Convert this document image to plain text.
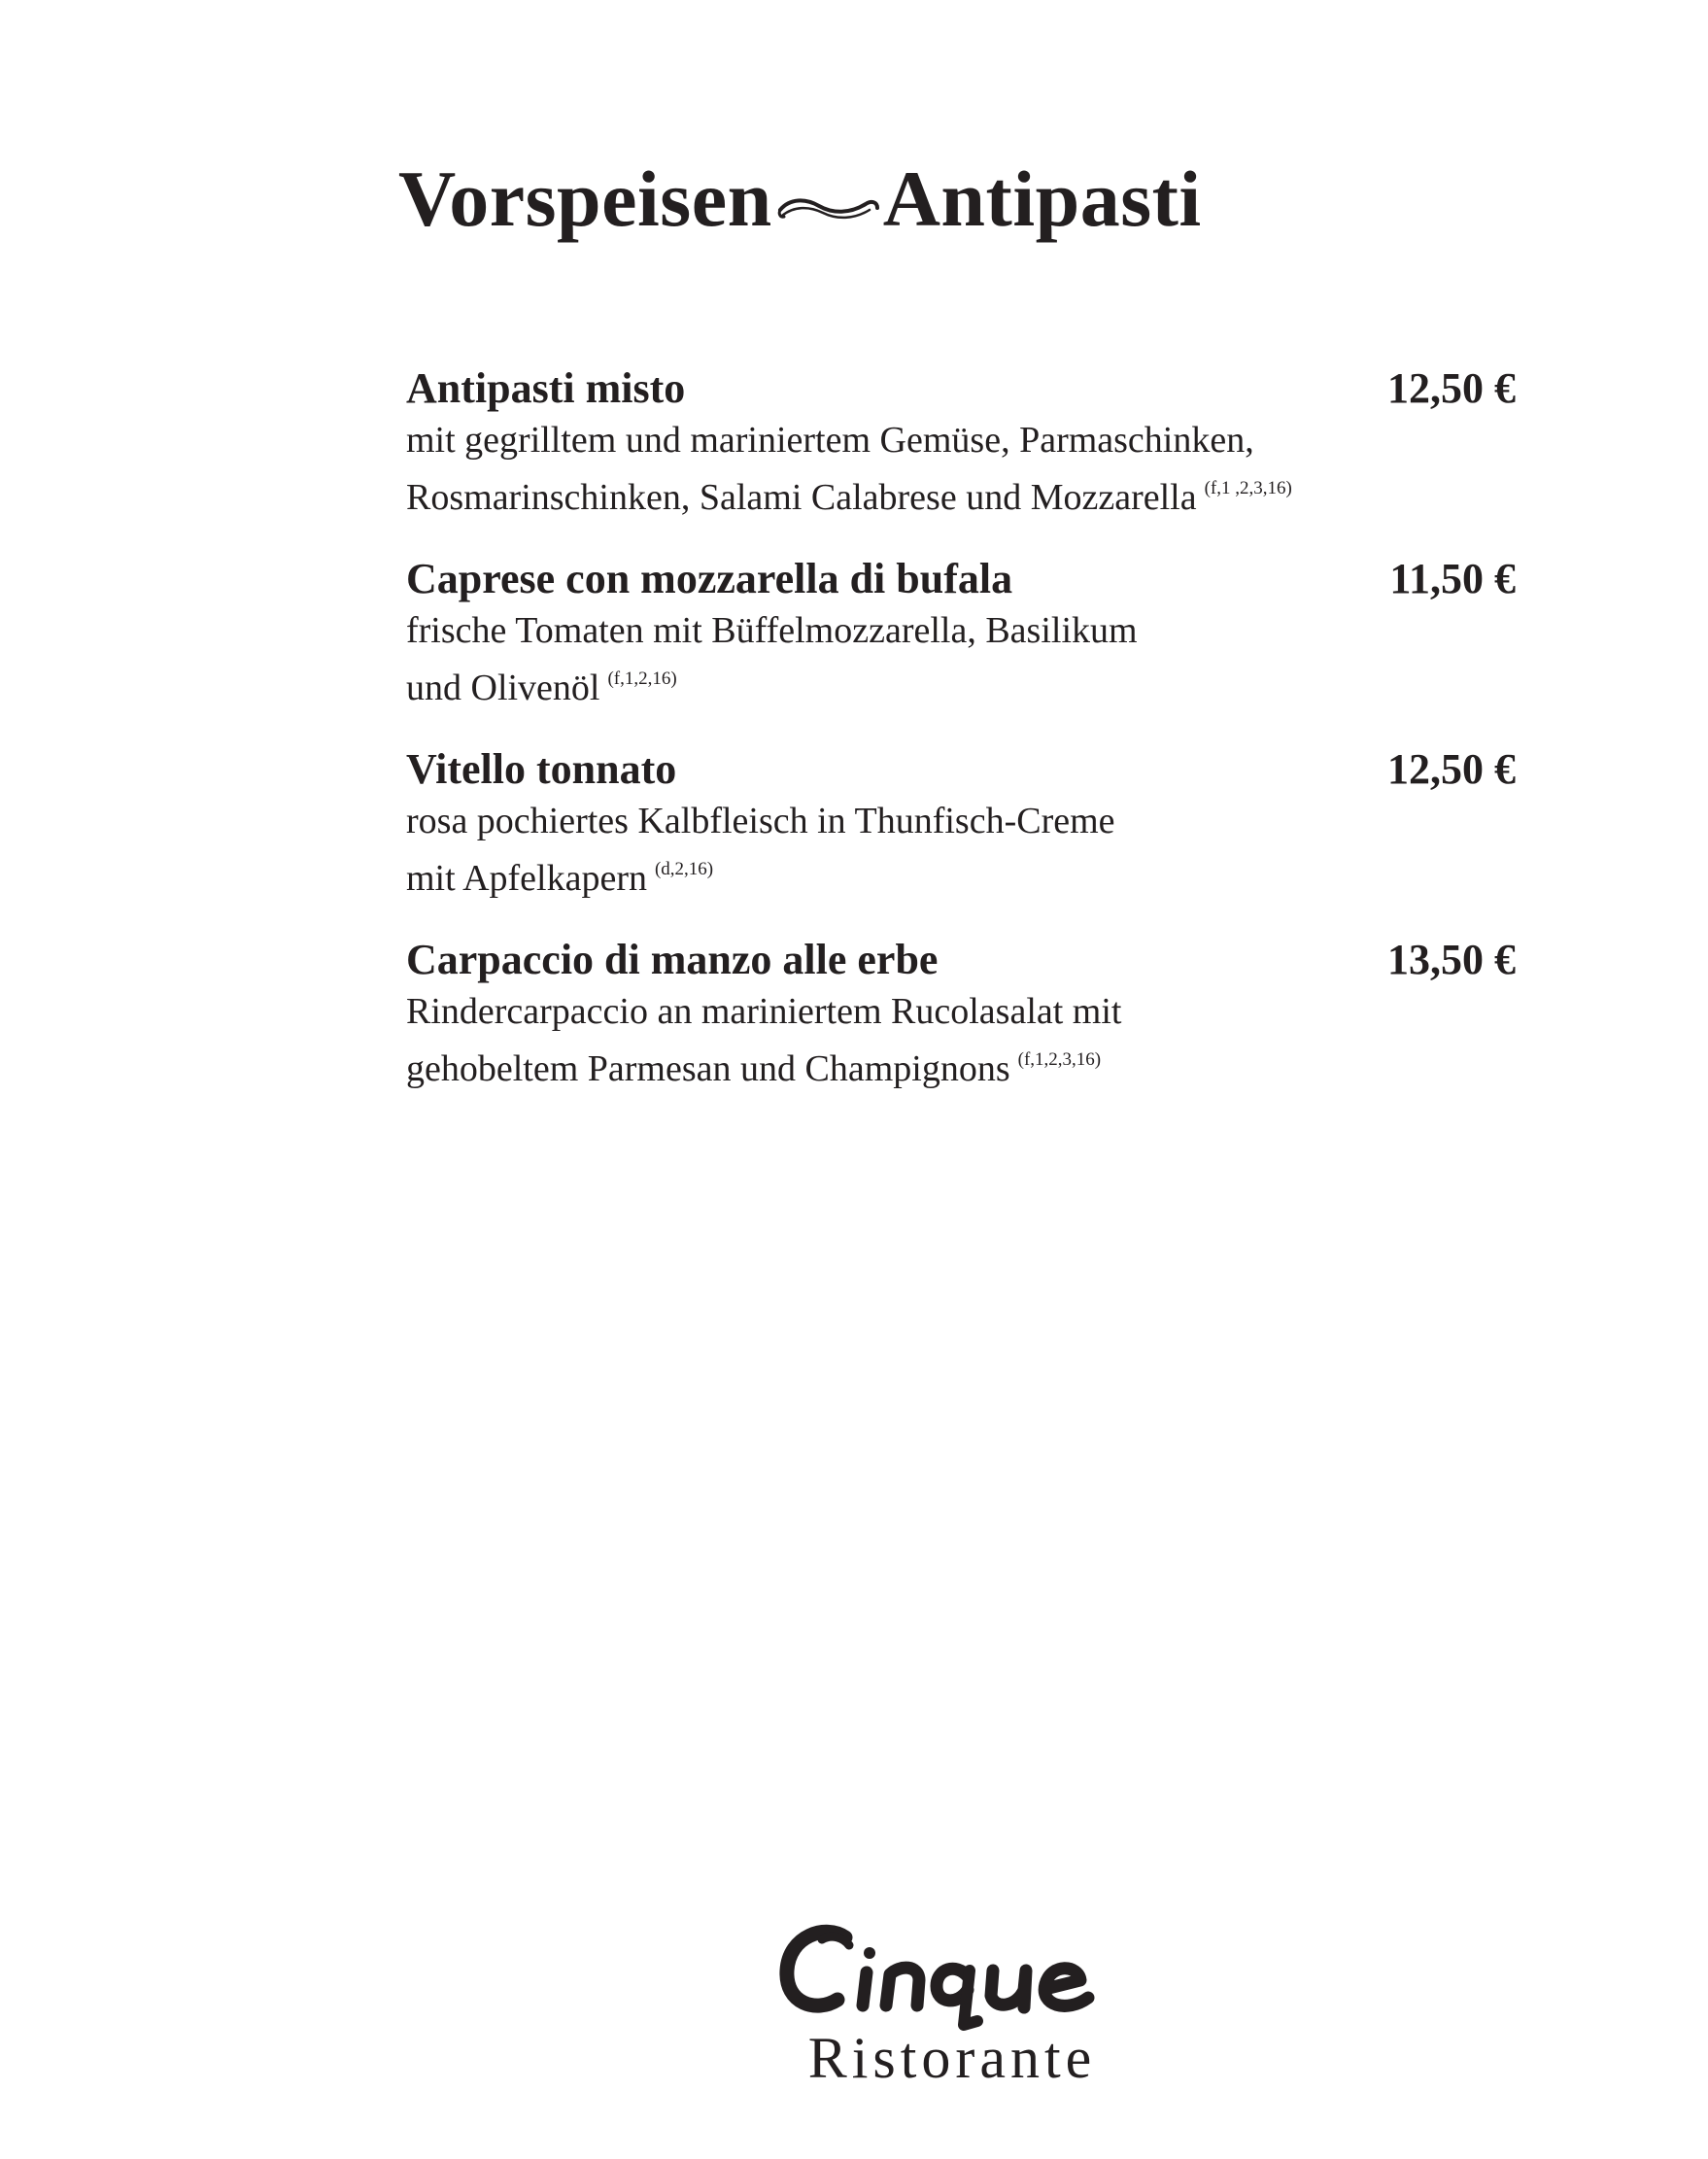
Vorspeisen Antipasti
Antipasti misto	12,50 €
mit gegrilltem und mariniertem Gemüse, Parmaschinken,
Rosmarinschinken, Salami Calabrese und Mozzarella $^{(f,1 ,2,3,16)}$
Caprese con mozzarella di bufala	11,50 €
frische Tomaten mit Büffelmozzarella, Basilikum
und Olivenöl $^{(f,1,2,16)}$
Vitello tonnato	12,50 €
rosa pochiertes Kalbfleisch in Thunfisch-Creme
mit Apfelkapern $^{(d,2,16)}$
Carpaccio di manzo alle erbe	13,50 €
Rindercarpaccio an mariniertem Rucolasalat mit
gehobeltem Parmesan und Champignons $^{(f,1,2,3,16)}$
Ristorante
